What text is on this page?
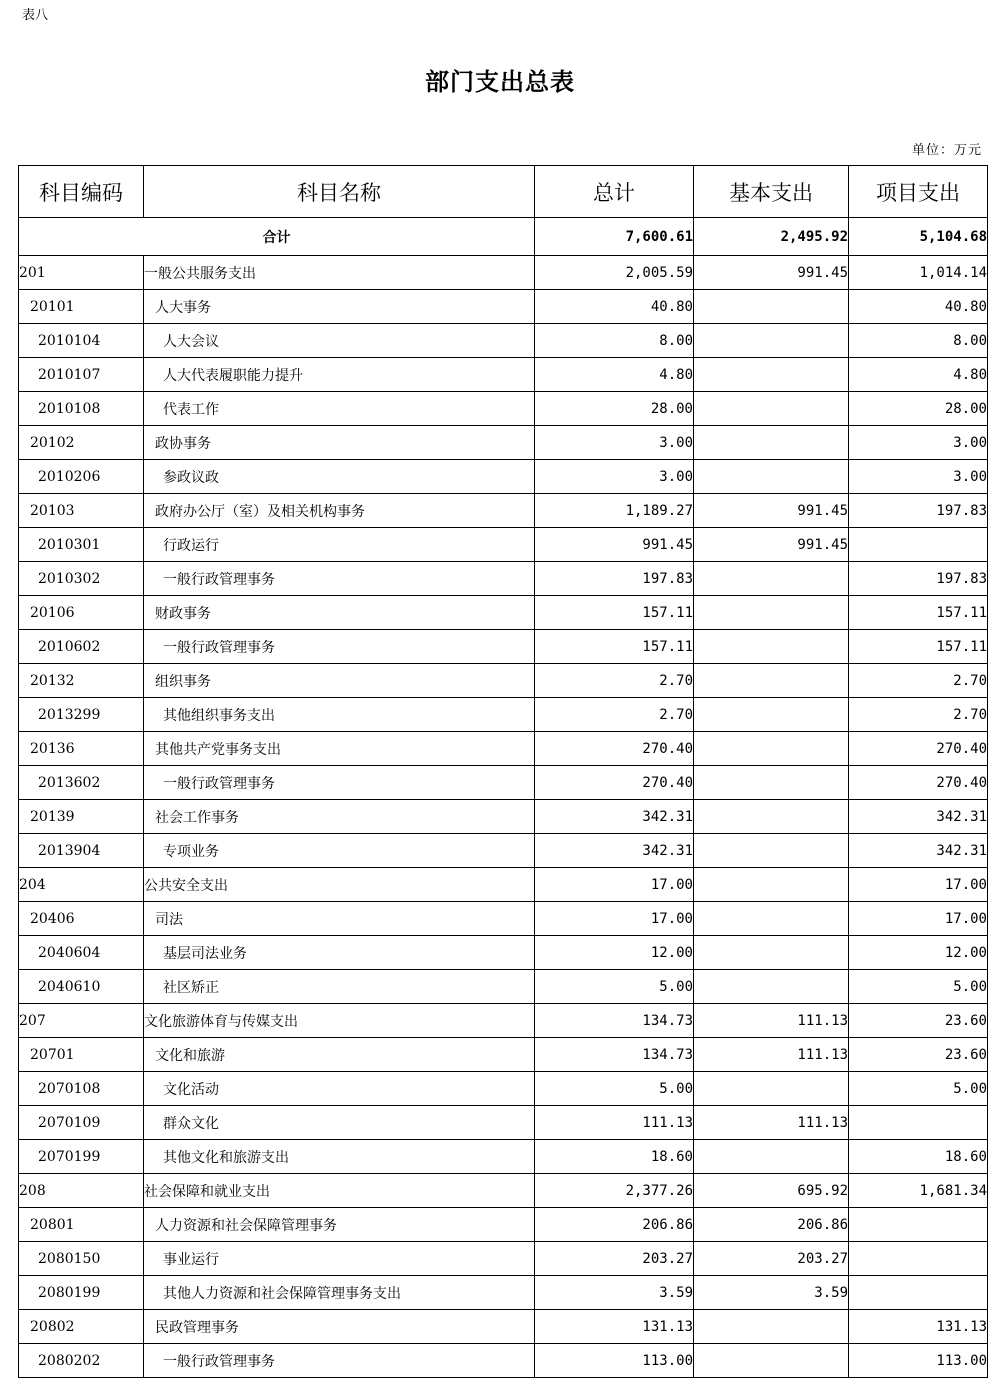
表八
部门支出总表
单位：万元
科目编码	科目名称	总计	基本支出	项目支出
合计		7,600.61	2,495.92	5,104.68
201	一般公共服务支出	2,005.59	991.45	1,014.14
20101	人大事务	40.80		40.80
2010104	人大会议	8.00		8.00
2010107	人大代表履职能力提升	4.80		4.80
2010108	代表工作	28.00		28.00
20102	政协事务	3.00		3.00
2010206	参政议政	3.00		3.00
20103	政府办公厅（室）及相关机构事务	1,189.27	991.45	197.83
2010301	行政运行	991.45	991.45	
2010302	一般行政管理事务	197.83		197.83
20106	财政事务	157.11		157.11
2010602	一般行政管理事务	157.11		157.11
20132	组织事务	2.70		2.70
2013299	其他组织事务支出	2.70		2.70
20136	其他共产党事务支出	270.40		270.40
2013602	一般行政管理事务	270.40		270.40
20139	社会工作事务	342.31		342.31
2013904	专项业务	342.31		342.31
204	公共安全支出	17.00		17.00
20406	司法	17.00		17.00
2040604	基层司法业务	12.00		12.00
2040610	社区矫正	5.00		5.00
207	文化旅游体育与传媒支出	134.73	111.13	23.60
20701	文化和旅游	134.73	111.13	23.60
2070108	文化活动	5.00		5.00
2070109	群众文化	111.13	111.13	
2070199	其他文化和旅游支出	18.60		18.60
208	社会保障和就业支出	2,377.26	695.92	1,681.34
20801	人力资源和社会保障管理事务	206.86	206.86	
2080150	事业运行	203.27	203.27	
2080199	其他人力资源和社会保障管理事务支出	3.59	3.59	
20802	民政管理事务	131.13		131.13
2080202	一般行政管理事务	113.00		113.00
